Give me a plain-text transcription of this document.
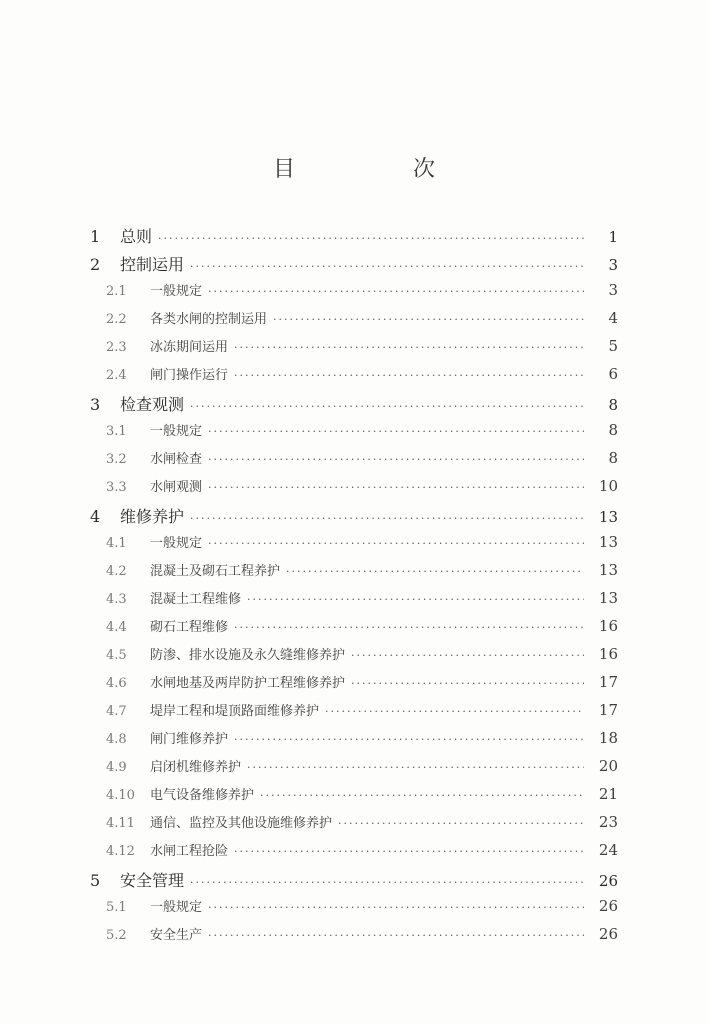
目　次
1	总则 ·····	1
2	控制运用 ·····	3
2.1	一般规定 ·····	3
2.2	各类水闸的控制运用 ·····	4
2.3	冰冻期间运用 ·····	5
2.4	闸门操作运行 ·····	6
3	检查观测 ·····	8
3.1	一般规定 ·····	8
3.2	水闸检查 ·····	8
3.3	水闸观测 ·····	10
4	维修养护 ·····	13
4.1	一般规定 ·····	13
4.2	混凝土及砌石工程养护 ·····	13
4.3	混凝土工程维修 ·····	13
4.4	砌石工程维修 ·····	16
4.5	防渗、排水设施及永久缝维修养护 ·····	16
4.6	水闸地基及两岸防护工程维修养护 ·····	17
4.7	堤岸工程和堤顶路面维修养护 ·····	17
4.8	闸门维修养护 ·····	18
4.9	启闭机维修养护 ·····	20
4.10	电气设备维修养护 ·····	21
4.11	通信、监控及其他设施维修养护 ·····	23
4.12	水闸工程抢险 ·····	24
5	安全管理 ·····	26
5.1	一般规定 ·····	26
5.2	安全生产 ·····	26
